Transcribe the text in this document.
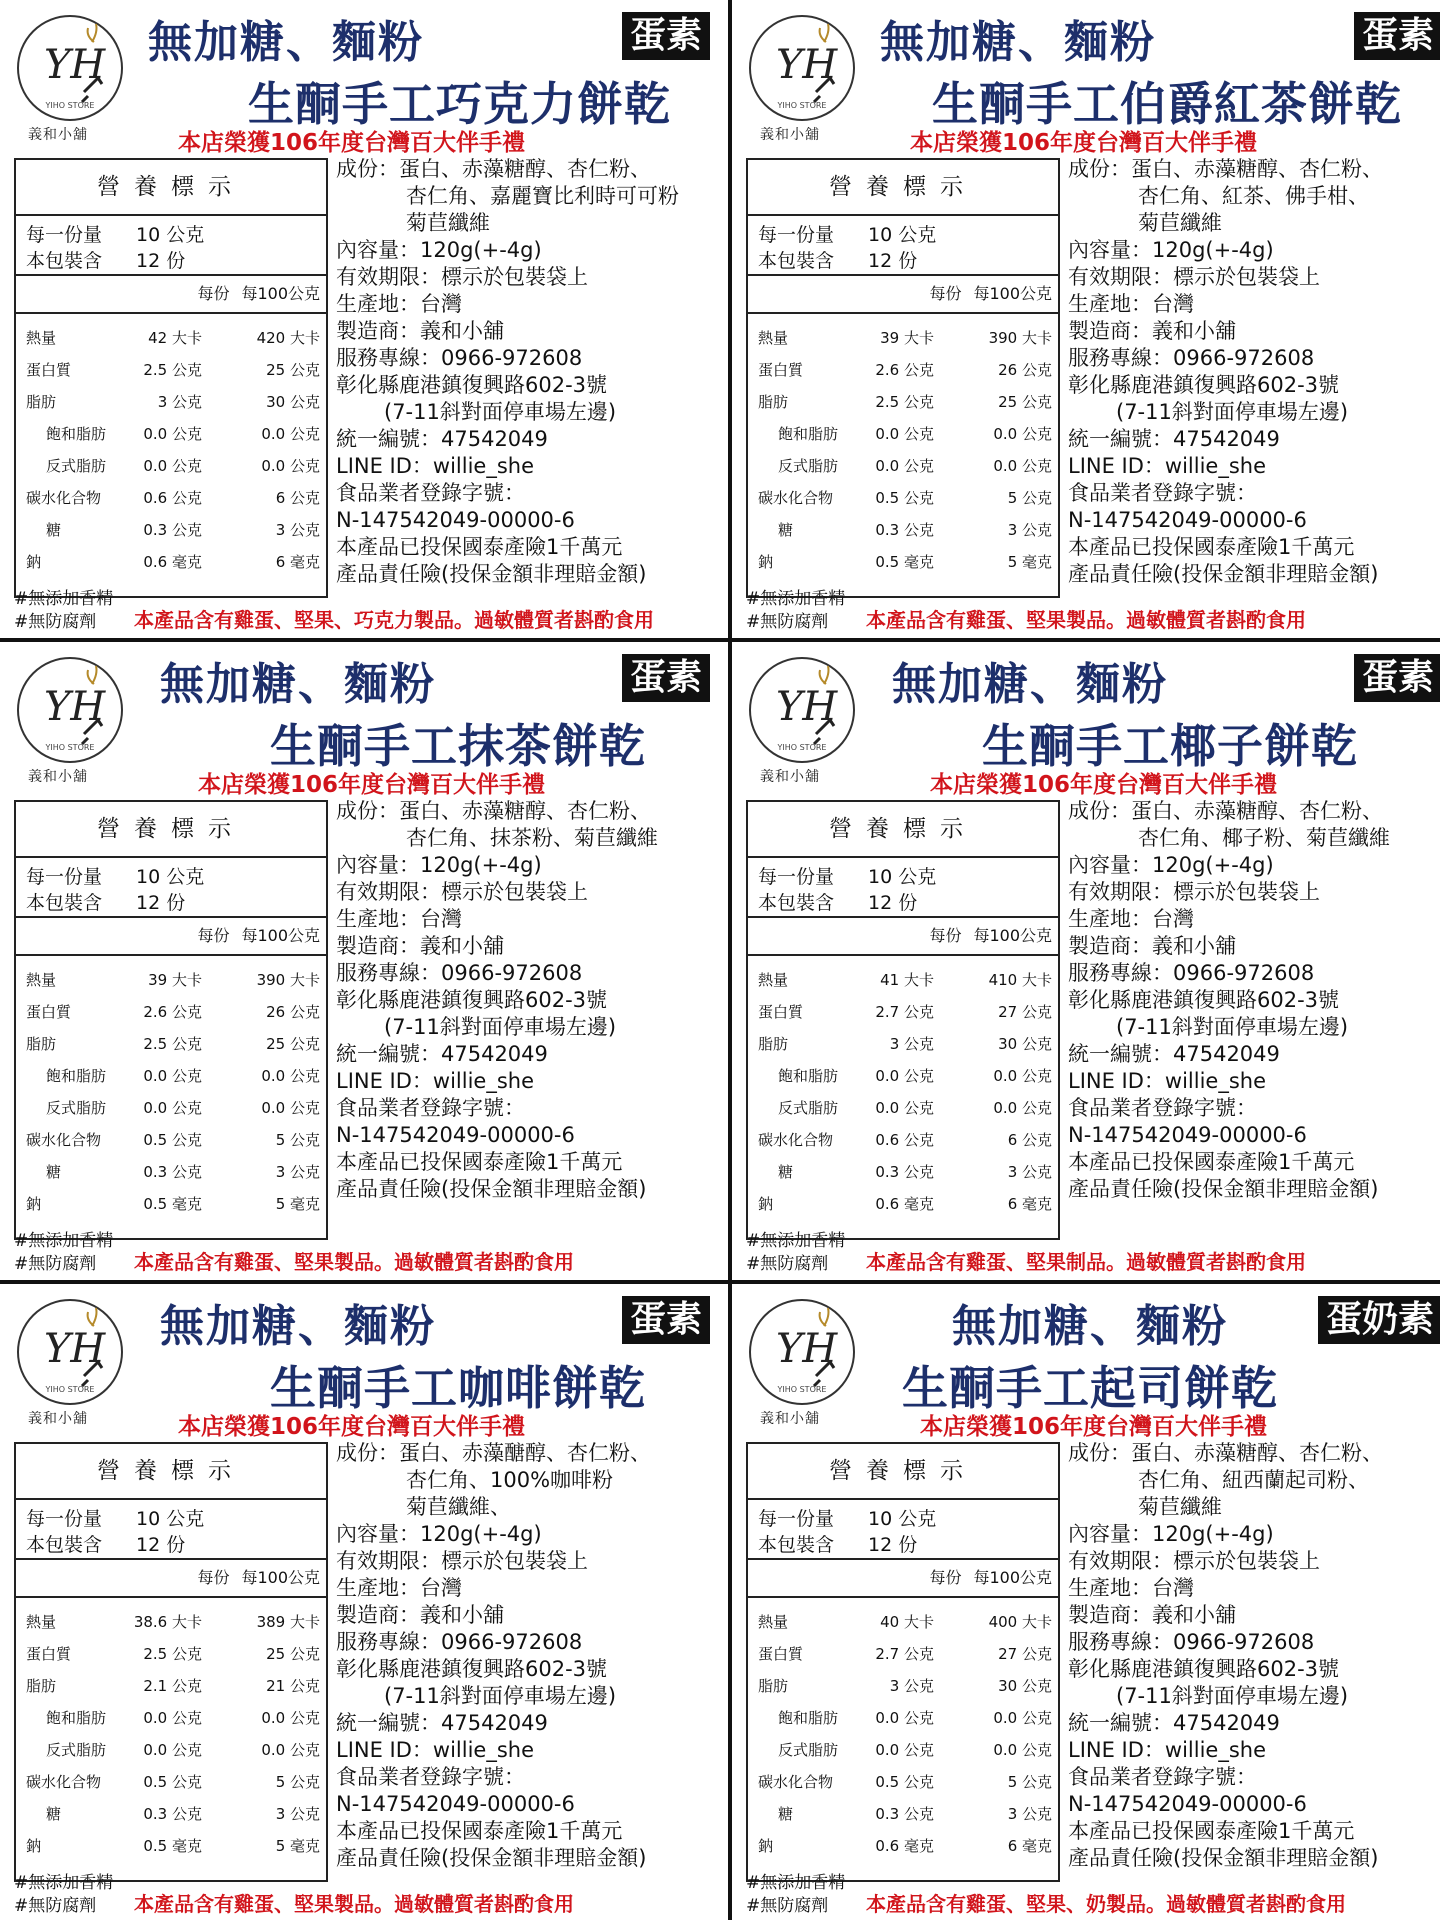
YH
YIHO STORE
義和小舖
無加糖、麵粉	蛋素
生酮手工巧克力餅乾
本店榮獲106年度台灣百大伴手禮
營養標示
每一份量 10 公克
本包裝含 12 份
每份 每100公克
熱量	42 大卡	420 大卡
蛋白質	2.5 公克	25 公克
脂肪	3 公克	30 公克
飽和脂肪 0.0 公克	0.0 公克
反式脂肪 0.0 公克	0.0 公克
碳水化合物	0.6 公克	6 公克
糖	0.3 公克	3 公克
鈉	0.6 毫克	6 毫克
成份：蛋白、赤藻糖醇、杏仁粉、
杏仁角、嘉麗寶比利時可可粉
菊苣纖維
內容量：120g(+-4g)
有效期限：標示於包裝袋上
生產地：台灣
製造商：義和小舖
服務專線：0966-972608
彰化縣鹿港鎮復興路602-3號
(7-11斜對面停車場左邊)
統一編號：47542049
LINE ID：willie_she
食品業者登錄字號：
N-147542049-00000-6
本產品已投保國泰產險1千萬元
產品責任險(投保金額非理賠金額)
#無添加香精
#無防腐劑	本產品含有雞蛋、堅果、巧克力製品。過敏體質者斟酌食用
YH
YIHO STORE
義和小舖
無加糖、麵粉	蛋素
生酮手工伯爵紅茶餅乾
本店榮獲106年度台灣百大伴手禮
營養標示
每一份量 10 公克
本包裝含 12 份
每份 每100公克
熱量	39 大卡	390 大卡
蛋白質	2.6 公克	26 公克
脂肪	2.5 公克	25 公克
飽和脂肪 0.0 公克	0.0 公克
反式脂肪 0.0 公克	0.0 公克
碳水化合物	0.5 公克	5 公克
糖	0.3 公克	3 公克
鈉	0.5 毫克	5 毫克
成份：蛋白、赤藻糖醇、杏仁粉、
杏仁角、紅茶、佛手柑、
菊苣纖維
內容量：120g(+-4g)
有效期限：標示於包裝袋上
生產地：台灣
製造商：義和小舖
服務專線：0966-972608
彰化縣鹿港鎮復興路602-3號
(7-11斜對面停車場左邊)
統一編號：47542049
LINE ID：willie_she
食品業者登錄字號：
N-147542049-00000-6
本產品已投保國泰產險1千萬元
產品責任險(投保金額非理賠金額)
#無添加香精
#無防腐劑	本產品含有雞蛋、堅果製品。過敏體質者斟酌食用
YH
YIHO STORE
義和小舖
無加糖、麵粉	蛋素
生酮手工抹茶餅乾
本店榮獲106年度台灣百大伴手禮
營養標示
每一份量 10 公克
本包裝含 12 份
每份 每100公克
熱量	39 大卡	390 大卡
蛋白質	2.6 公克	26 公克
脂肪	2.5 公克	25 公克
飽和脂肪 0.0 公克	0.0 公克
反式脂肪 0.0 公克	0.0 公克
碳水化合物	0.5 公克	5 公克
糖	0.3 公克	3 公克
鈉	0.5 毫克	5 毫克
成份：蛋白、赤藻糖醇、杏仁粉、
杏仁角、抹茶粉、菊苣纖維
內容量：120g(+-4g)
有效期限：標示於包裝袋上
生產地：台灣
製造商：義和小舖
服務專線：0966-972608
彰化縣鹿港鎮復興路602-3號
(7-11斜對面停車場左邊)
統一編號：47542049
LINE ID：willie_she
食品業者登錄字號：
N-147542049-00000-6
本產品已投保國泰產險1千萬元
產品責任險(投保金額非理賠金額)
#無添加香精
#無防腐劑	本產品含有雞蛋、堅果製品。過敏體質者斟酌食用
YH
YIHO STORE
義和小舖
無加糖、麵粉	蛋素
生酮手工椰子餅乾
本店榮獲106年度台灣百大伴手禮
營養標示
每一份量 10 公克
本包裝含 12 份
每份 每100公克
熱量	41 大卡	410 大卡
蛋白質	2.7 公克	27 公克
脂肪	3 公克	30 公克
飽和脂肪 0.0 公克	0.0 公克
反式脂肪 0.0 公克	0.0 公克
碳水化合物	0.6 公克	6 公克
糖	0.3 公克	3 公克
鈉	0.6 毫克	6 毫克
成份：蛋白、赤藻糖醇、杏仁粉、
杏仁角、椰子粉、菊苣纖維
內容量：120g(+-4g)
有效期限：標示於包裝袋上
生產地：台灣
製造商：義和小舖
服務專線：0966-972608
彰化縣鹿港鎮復興路602-3號
(7-11斜對面停車場左邊)
統一編號：47542049
LINE ID：willie_she
食品業者登錄字號：
N-147542049-00000-6
本產品已投保國泰產險1千萬元
產品責任險(投保金額非理賠金額)
#無添加香精
#無防腐劑	本產品含有雞蛋、堅果制品。過敏體質者斟酌食用
YH
YIHO STORE
義和小舖
無加糖、麵粉	蛋素
生酮手工咖啡餅乾
本店榮獲106年度台灣百大伴手禮
營養標示
每一份量 10 公克
本包裝含 12 份
每份 每100公克
熱量	38.6 大卡	389 大卡
蛋白質	2.5 公克	25 公克
脂肪	2.1 公克	21 公克
飽和脂肪 0.0 公克	0.0 公克
反式脂肪 0.0 公克	0.0 公克
碳水化合物	0.5 公克	5 公克
糖	0.3 公克	3 公克
鈉	0.5 毫克	5 毫克
成份：蛋白、赤藻醣醇、杏仁粉、
杏仁角、100%咖啡粉
菊苣纖維、
內容量：120g(+-4g)
有效期限：標示於包裝袋上
生產地：台灣
製造商：義和小舖
服務專線：0966-972608
彰化縣鹿港鎮復興路602-3號
(7-11斜對面停車場左邊)
統一編號：47542049
LINE ID：willie_she
食品業者登錄字號：
N-147542049-00000-6
本產品已投保國泰產險1千萬元
產品責任險(投保金額非理賠金額)
#無添加香精
#無防腐劑	本產品含有雞蛋、堅果製品。過敏體質者斟酌食用
YH
YIHO STORE
義和小舖
無加糖、麵粉	蛋奶素
生酮手工起司餅乾
本店榮獲106年度台灣百大伴手禮
營養標示
每一份量 10 公克
本包裝含 12 份
每份 每100公克
熱量	40 大卡	400 大卡
蛋白質	2.7 公克	27 公克
脂肪	3 公克	30 公克
飽和脂肪 0.0 公克	0.0 公克
反式脂肪 0.0 公克	0.0 公克
碳水化合物	0.5 公克	5 公克
糖	0.3 公克	3 公克
鈉	0.6 毫克	6 毫克
成份：蛋白、赤藻糖醇、杏仁粉、
杏仁角、紐西蘭起司粉、
菊苣纖維
內容量：120g(+-4g)
有效期限：標示於包裝袋上
生產地：台灣
製造商：義和小舖
服務專線：0966-972608
彰化縣鹿港鎮復興路602-3號
(7-11斜對面停車場左邊)
統一編號：47542049
LINE ID：willie_she
食品業者登錄字號：
N-147542049-00000-6
本產品已投保國泰產險1千萬元
產品責任險(投保金額非理賠金額)
#無添加香精
#無防腐劑	本產品含有雞蛋、堅果、奶製品。過敏體質者斟酌食用
